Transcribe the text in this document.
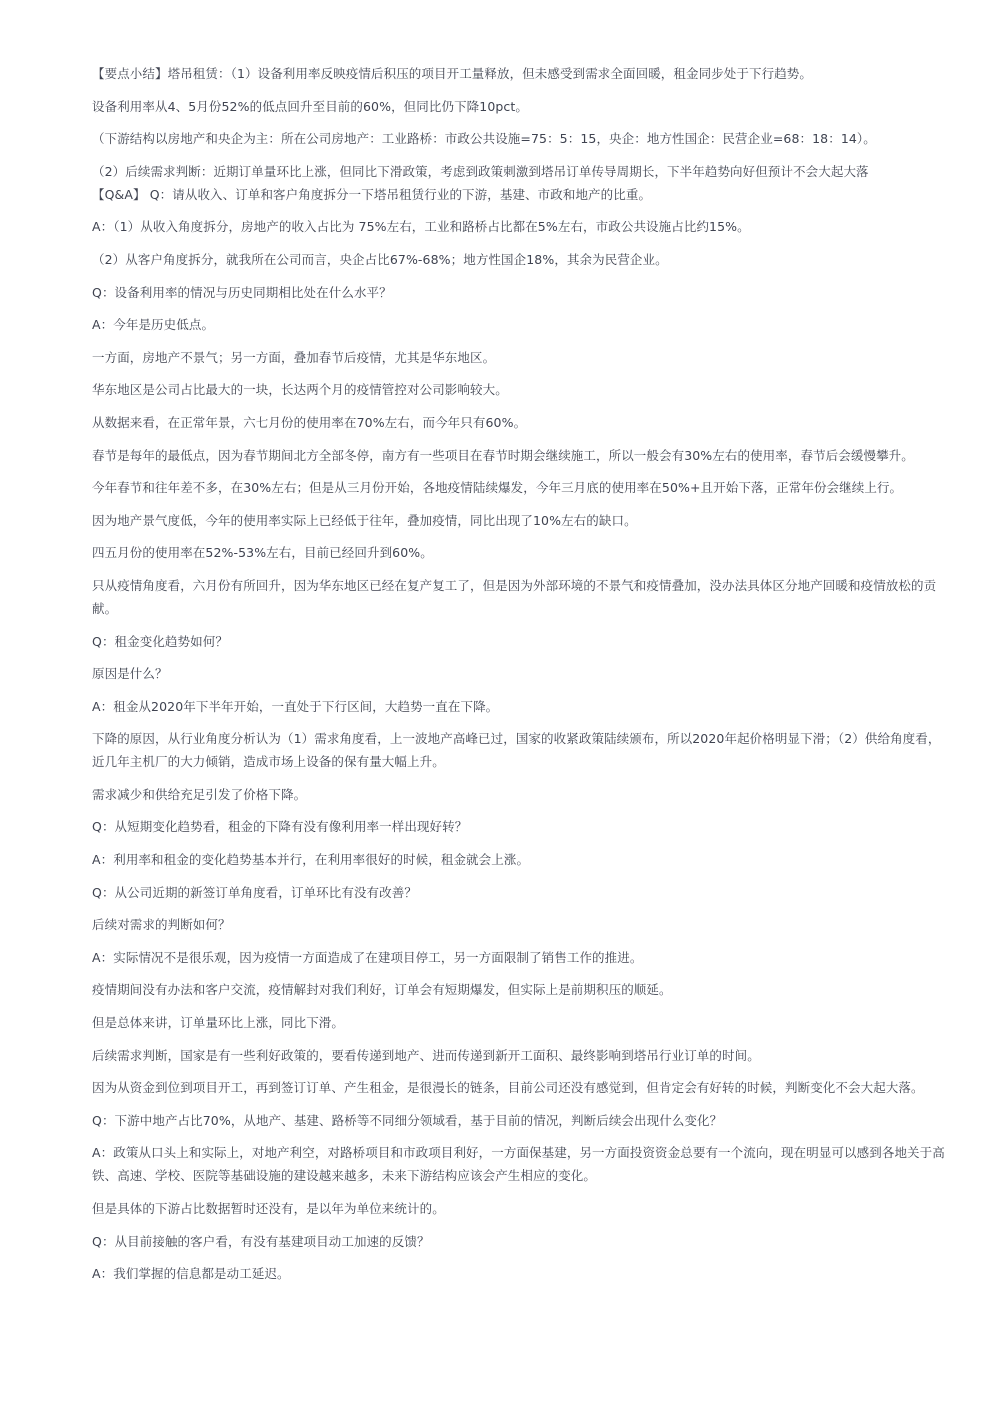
【要点小结】塔吊租赁：（1）设备利用率反映疫情后积压的项目开工量释放，但未感受到需求全面回暖，租金同步处于下行趋势。

设备利用率从4、5月份52%的低点回升至目前的60%，但同比仍下降10pct。

（下游结构以房地产和央企为主：所在公司房地产：工业路桥：市政公共设施=75：5：15，央企：地方性国企：民营企业=68：18：14）。

（2）后续需求判断：近期订单量环比上涨，但同比下滑政策，考虑到政策刺激到塔吊订单传导周期长，下半年趋势向好但预计不会大起大落

【Q&A】 Q：请从收入、订单和客户角度拆分一下塔吊租赁行业的下游，基建、市政和地产的比重。

A：（1）从收入角度拆分，房地产的收入占比为 75%左右，工业和路桥占比都在5%左右，市政公共设施占比约15%。

（2）从客户角度拆分，就我所在公司而言，央企占比67%-68%；地方性国企18%，其余为民营企业。

Q：设备利用率的情况与历史同期相比处在什么水平？

A：今年是历史低点。

一方面，房地产不景气；另一方面，叠加春节后疫情，尤其是华东地区。

华东地区是公司占比最大的一块，长达两个月的疫情管控对公司影响较大。

从数据来看，在正常年景，六七月份的使用率在70%左右，而今年只有60%。

春节是每年的最低点，因为春节期间北方全部冬停，南方有一些项目在春节时期会继续施工，所以一般会有30%左右的使用率，春节后会缓慢攀升。

今年春节和往年差不多，在30%左右；但是从三月份开始，各地疫情陆续爆发，今年三月底的使用率在50%+且开始下落，正常年份会继续上行。

因为地产景气度低，今年的使用率实际上已经低于往年，叠加疫情，同比出现了10%左右的缺口。

四五月份的使用率在52%-53%左右，目前已经回升到60%。

只从疫情角度看，六月份有所回升，因为华东地区已经在复产复工了，但是因为外部环境的不景气和疫情叠加，没办法具体区分地产回暖和疫情放松的贡献。

Q：租金变化趋势如何？

原因是什么？

A：租金从2020年下半年开始，一直处于下行区间，大趋势一直在下降。

下降的原因，从行业角度分析认为（1）需求角度看，上一波地产高峰已过，国家的收紧政策陆续颁布，所以2020年起价格明显下滑；（2）供给角度看，近几年主机厂的大力倾销，造成市场上设备的保有量大幅上升。

需求减少和供给充足引发了价格下降。

Q：从短期变化趋势看，租金的下降有没有像利用率一样出现好转？

A：利用率和租金的变化趋势基本并行，在利用率很好的时候，租金就会上涨。

Q：从公司近期的新签订单角度看，订单环比有没有改善？

后续对需求的判断如何？

A：实际情况不是很乐观，因为疫情一方面造成了在建项目停工，另一方面限制了销售工作的推进。

疫情期间没有办法和客户交流，疫情解封对我们利好，订单会有短期爆发，但实际上是前期积压的顺延。

但是总体来讲，订单量环比上涨，同比下滑。

后续需求判断，国家是有一些利好政策的，要看传递到地产、进而传递到新开工面积、最终影响到塔吊行业订单的时间。

因为从资金到位到项目开工，再到签订订单、产生租金，是很漫长的链条，目前公司还没有感觉到，但肯定会有好转的时候，判断变化不会大起大落。

Q：下游中地产占比70%，从地产、基建、路桥等不同细分领域看，基于目前的情况，判断后续会出现什么变化？

A：政策从口头上和实际上，对地产利空，对路桥项目和市政项目利好，一方面保基建，另一方面投资资金总要有一个流向，现在明显可以感到各地关于高铁、高速、学校、医院等基础设施的建设越来越多，未来下游结构应该会产生相应的变化。

但是具体的下游占比数据暂时还没有，是以年为单位来统计的。

Q：从目前接触的客户看，有没有基建项目动工加速的反馈？

A：我们掌握的信息都是动工延迟。
